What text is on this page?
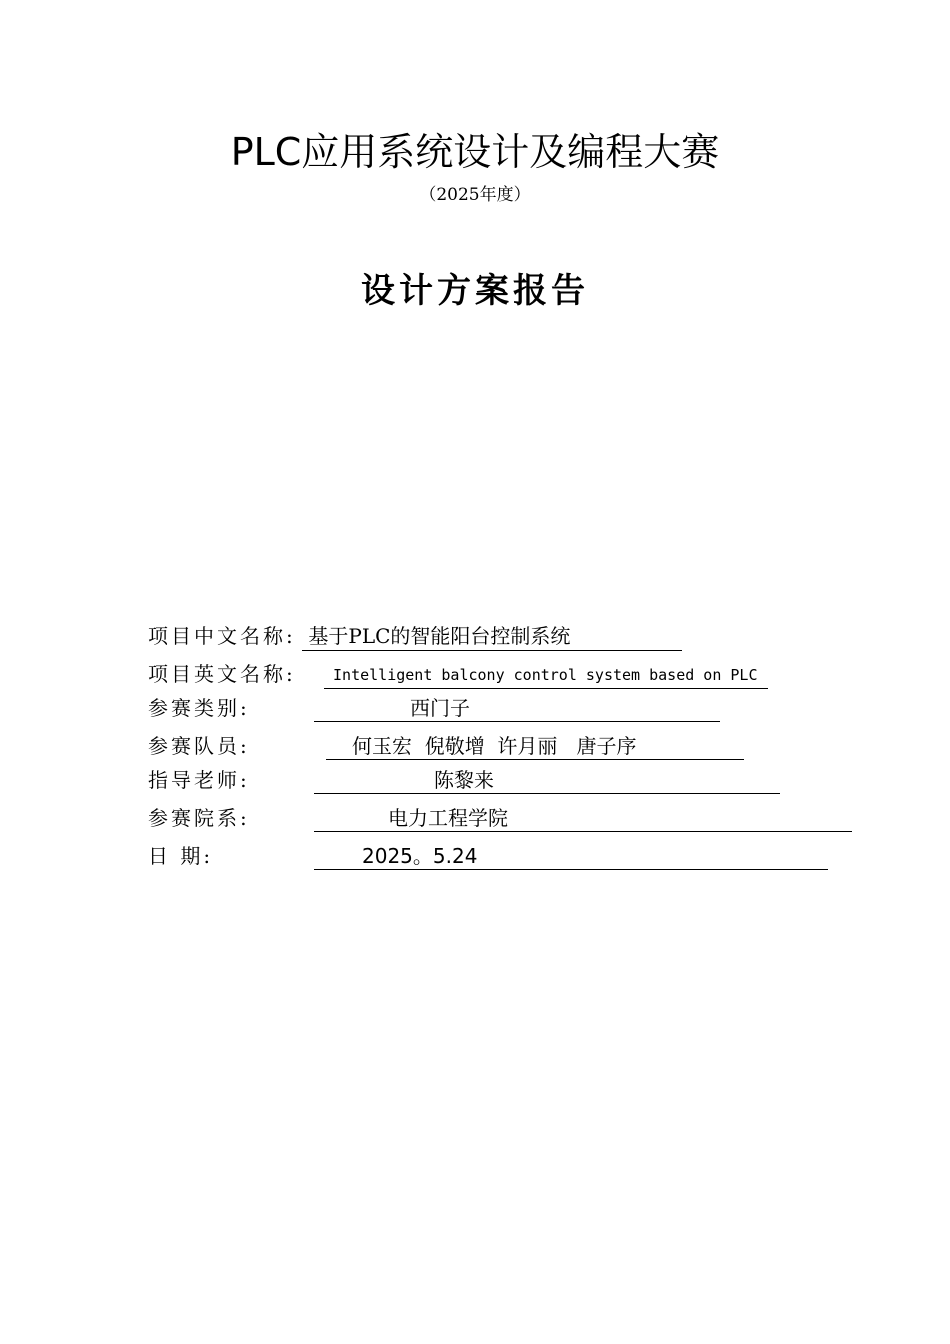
PLC应用系统设计及编程大赛
（2025年度）
设计方案报告
项目中文名称: 基于PLC的智能阳台控制系统
项目英文名称: Intelligent balcony control system based on PLC
参赛类别:	西门子
参赛队员:	何玉宏  倪敬增  许月丽   唐子序
指导老师:	陈黎来
参赛院系:	电力工程学院
日 期:	2025。5.24
